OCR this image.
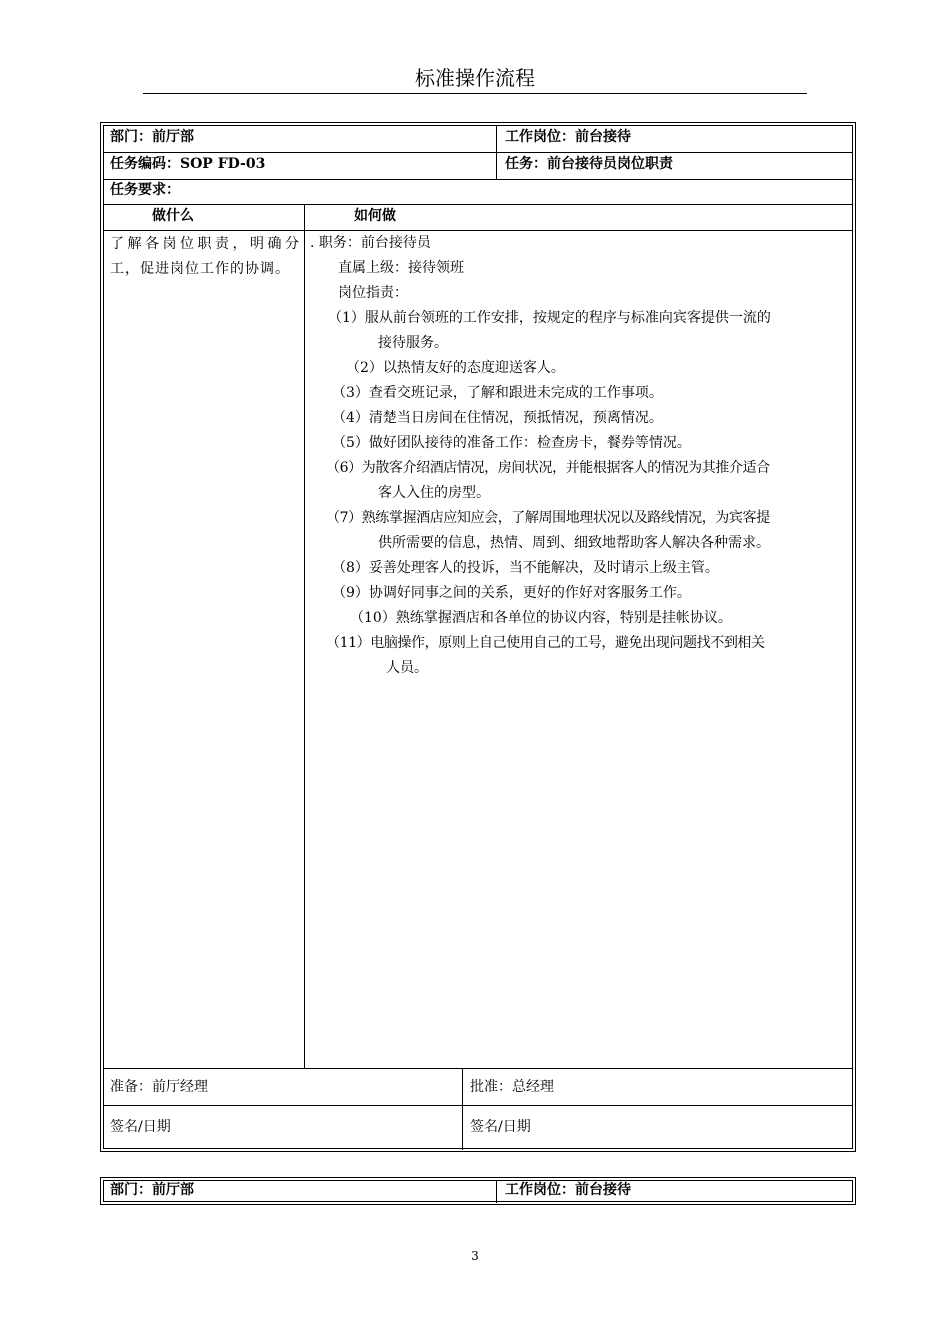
标准操作流程
部门：前厅部	工作岗位：前台接待
任务编码：SOP FD-03	任务：前台接待员岗位职责
任务要求：
做什么	如何做
了解各岗位职责，明确分工，促进岗位工作的协调。
. 职务：前台接待员
直属上级：接待领班
岗位指责：
（1）服从前台领班的工作安排，按规定的程序与标准向宾客提供一流的
接待服务。
（2）以热情友好的态度迎送客人。
（3）查看交班记录，了解和跟进未完成的工作事项。
（4）清楚当日房间在住情况，预抵情况，预离情况。
（5）做好团队接待的准备工作：检查房卡，餐券等情况。
（6）为散客介绍酒店情况，房间状况，并能根据客人的情况为其推介适合
客人入住的房型。
（7）熟练掌握酒店应知应会，了解周围地理状况以及路线情况，为宾客提
供所需要的信息，热情、周到、细致地帮助客人解决各种需求。
（8）妥善处理客人的投诉，当不能解决，及时请示上级主管。
（9）协调好同事之间的关系，更好的作好对客服务工作。
（10）熟练掌握酒店和各单位的协议内容，特别是挂帐协议。
（11）电脑操作，原则上自己使用自己的工号，避免出现问题找不到相关
人员。
准备：前厅经理	批准：总经理
签名/日期	签名/日期
部门：前厅部	工作岗位：前台接待
3
